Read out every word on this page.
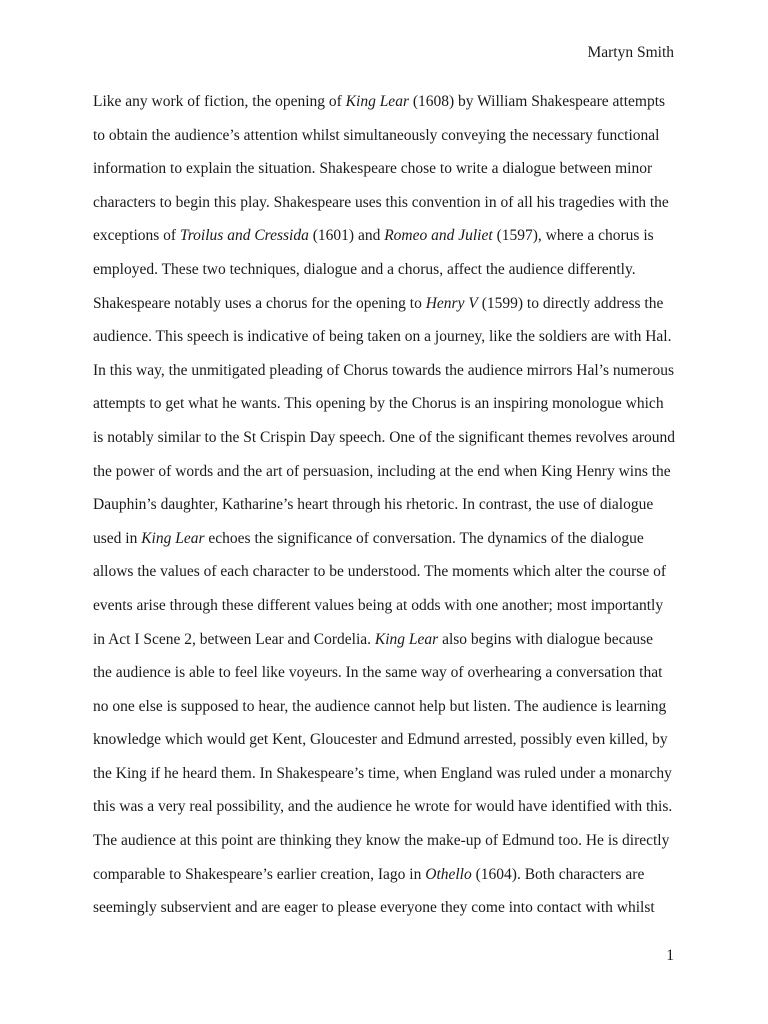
Martyn Smith
Like any work of fiction, the opening of King Lear (1608) by William Shakespeare attempts
to obtain the audience’s attention whilst simultaneously conveying the necessary functional
information to explain the situation. Shakespeare chose to write a dialogue between minor
characters to begin this play. Shakespeare uses this convention in of all his tragedies with the
exceptions of Troilus and Cressida (1601) and Romeo and Juliet (1597), where a chorus is
employed. These two techniques, dialogue and a chorus, affect the audience differently.
Shakespeare notably uses a chorus for the opening to Henry V (1599) to directly address the
audience. This speech is indicative of being taken on a journey, like the soldiers are with Hal.
In this way, the unmitigated pleading of Chorus towards the audience mirrors Hal’s numerous
attempts to get what he wants. This opening by the Chorus is an inspiring monologue which
is notably similar to the St Crispin Day speech. One of the significant themes revolves around
the power of words and the art of persuasion, including at the end when King Henry wins the
Dauphin’s daughter, Katharine’s heart through his rhetoric. In contrast, the use of dialogue
used in King Lear echoes the significance of conversation. The dynamics of the dialogue
allows the values of each character to be understood. The moments which alter the course of
events arise through these different values being at odds with one another; most importantly
in Act I Scene 2, between Lear and Cordelia. King Lear also begins with dialogue because
the audience is able to feel like voyeurs. In the same way of overhearing a conversation that
no one else is supposed to hear, the audience cannot help but listen. The audience is learning
knowledge which would get Kent, Gloucester and Edmund arrested, possibly even killed, by
the King if he heard them. In Shakespeare’s time, when England was ruled under a monarchy
this was a very real possibility, and the audience he wrote for would have identified with this.
The audience at this point are thinking they know the make-up of Edmund too. He is directly
comparable to Shakespeare’s earlier creation, Iago in Othello (1604). Both characters are
seemingly subservient and are eager to please everyone they come into contact with whilst
1
